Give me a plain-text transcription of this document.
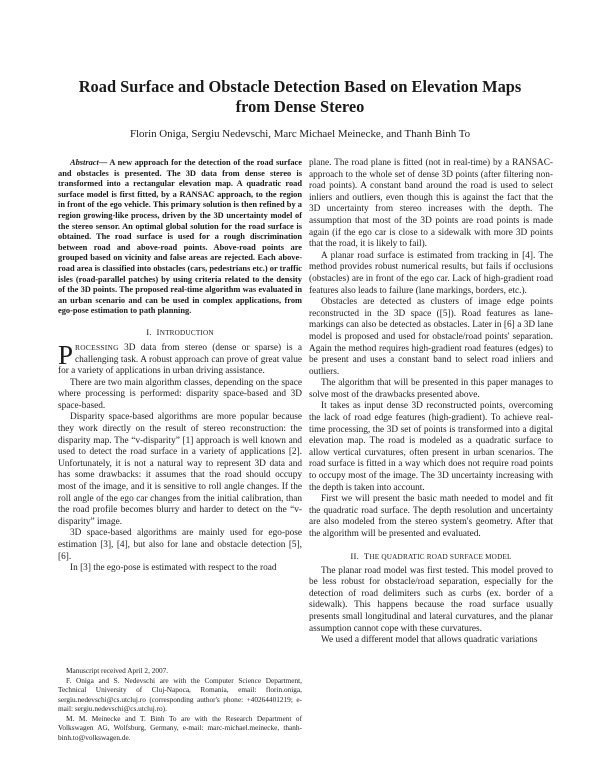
Road Surface and Obstacle Detection Based on Elevation Maps
from Dense Stereo
Florin Oniga, Sergiu Nedevschi, Marc Michael Meinecke, and Thanh Binh To

Abstract— A new approach for the detection of the road surface and obstacles is presented. The 3D data from dense stereo is transformed into a rectangular elevation map. A quadratic road surface model is first fitted, by a RANSAC approach, to the region in front of the ego vehicle. This primary solution is then refined by a region growing-like process, driven by the 3D uncertainty model of the stereo sensor. An optimal global solution for the road surface is obtained. The road surface is used for a rough discrimination between road and above-road points. Above-road points are grouped based on vicinity and false areas are rejected. Each above-road area is classified into obstacles (cars, pedestrians etc.) or traffic isles (road-parallel patches) by using criteria related to the density of the 3D points. The proposed real-time algorithm was evaluated in an urban scenario and can be used in complex applications, from ego-pose estimation to path planning.

I. INTRODUCTION

PROCESSING 3D data from stereo (dense or sparse) is a challenging task. A robust approach can prove of great value for a variety of applications in urban driving assistance.

There are two main algorithm classes, depending on the space where processing is performed: disparity space-based and 3D space-based.

Disparity space-based algorithms are more popular because they work directly on the result of stereo reconstruction: the disparity map. The “v-disparity” [1] approach is well known and used to detect the road surface in a variety of applications [2]. Unfortunately, it is not a natural way to represent 3D data and has some drawbacks: it assumes that the road should occupy most of the image, and it is sensitive to roll angle changes. If the roll angle of the ego car changes from the initial calibration, than the road profile becomes blurry and harder to detect on the “v-disparity” image.

3D space-based algorithms are mainly used for ego-pose estimation [3], [4], but also for lane and obstacle detection [5], [6].

In [3] the ego-pose is estimated with respect to the road

Manuscript received April 2, 2007.

F. Oniga and S. Nedevschi are with the Computer Science Department, Technical University of Cluj-Napoca, Romania, email: florin.oniga, sergiu.nedevschi@cs.utcluj.ro (corresponding author's phone: +40264401219; e-mail: sergiu.nedevschi@cs.utcluj.ro).

M. M. Meinecke and T. Binh To are with the Research Department of Volkswagen AG, Wolfsburg, Germany, e-mail: marc-michael.meinecke, thanh-binh.to@volkswagen.de.

plane. The road plane is fitted (not in real-time) by a RANSAC-approach to the whole set of dense 3D points (after filtering non-road points). A constant band around the road is used to select inliers and outliers, even though this is against the fact that the 3D uncertainty from stereo increases with the depth. The assumption that most of the 3D points are road points is made again (if the ego car is close to a sidewalk with more 3D points that the road, it is likely to fail).

A planar road surface is estimated from tracking in [4]. The method provides robust numerical results, but fails if occlusions (obstacles) are in front of the ego car. Lack of high-gradient road features also leads to failure (lane markings, borders, etc.).

Obstacles are detected as clusters of image edge points reconstructed in the 3D space ([5]). Road features as lane-markings can also be detected as obstacles. Later in [6] a 3D lane model is proposed and used for obstacle/road points' separation. Again the method requires high-gradient road features (edges) to be present and uses a constant band to select road inliers and outliers.

The algorithm that will be presented in this paper manages to solve most of the drawbacks presented above.

It takes as input dense 3D reconstructed points, overcoming the lack of road edge features (high-gradient). To achieve real-time processing, the 3D set of points is transformed into a digital elevation map. The road is modeled as a quadratic surface to allow vertical curvatures, often present in urban scenarios. The road surface is fitted in a way which does not require road points to occupy most of the image. The 3D uncertainty increasing with the depth is taken into account.

First we will present the basic math needed to model and fit the quadratic road surface. The depth resolution and uncertainty are also modeled from the stereo system's geometry. After that the algorithm will be presented and evaluated.

II. THE QUADRATIC ROAD SURFACE MODEL

The planar road model was first tested. This model proved to be less robust for obstacle/road separation, especially for the detection of road delimiters such as curbs (ex. border of a sidewalk). This happens because the road surface usually presents small longitudinal and lateral curvatures, and the planar assumption cannot cope with these curvatures.

We used a different model that allows quadratic variations
